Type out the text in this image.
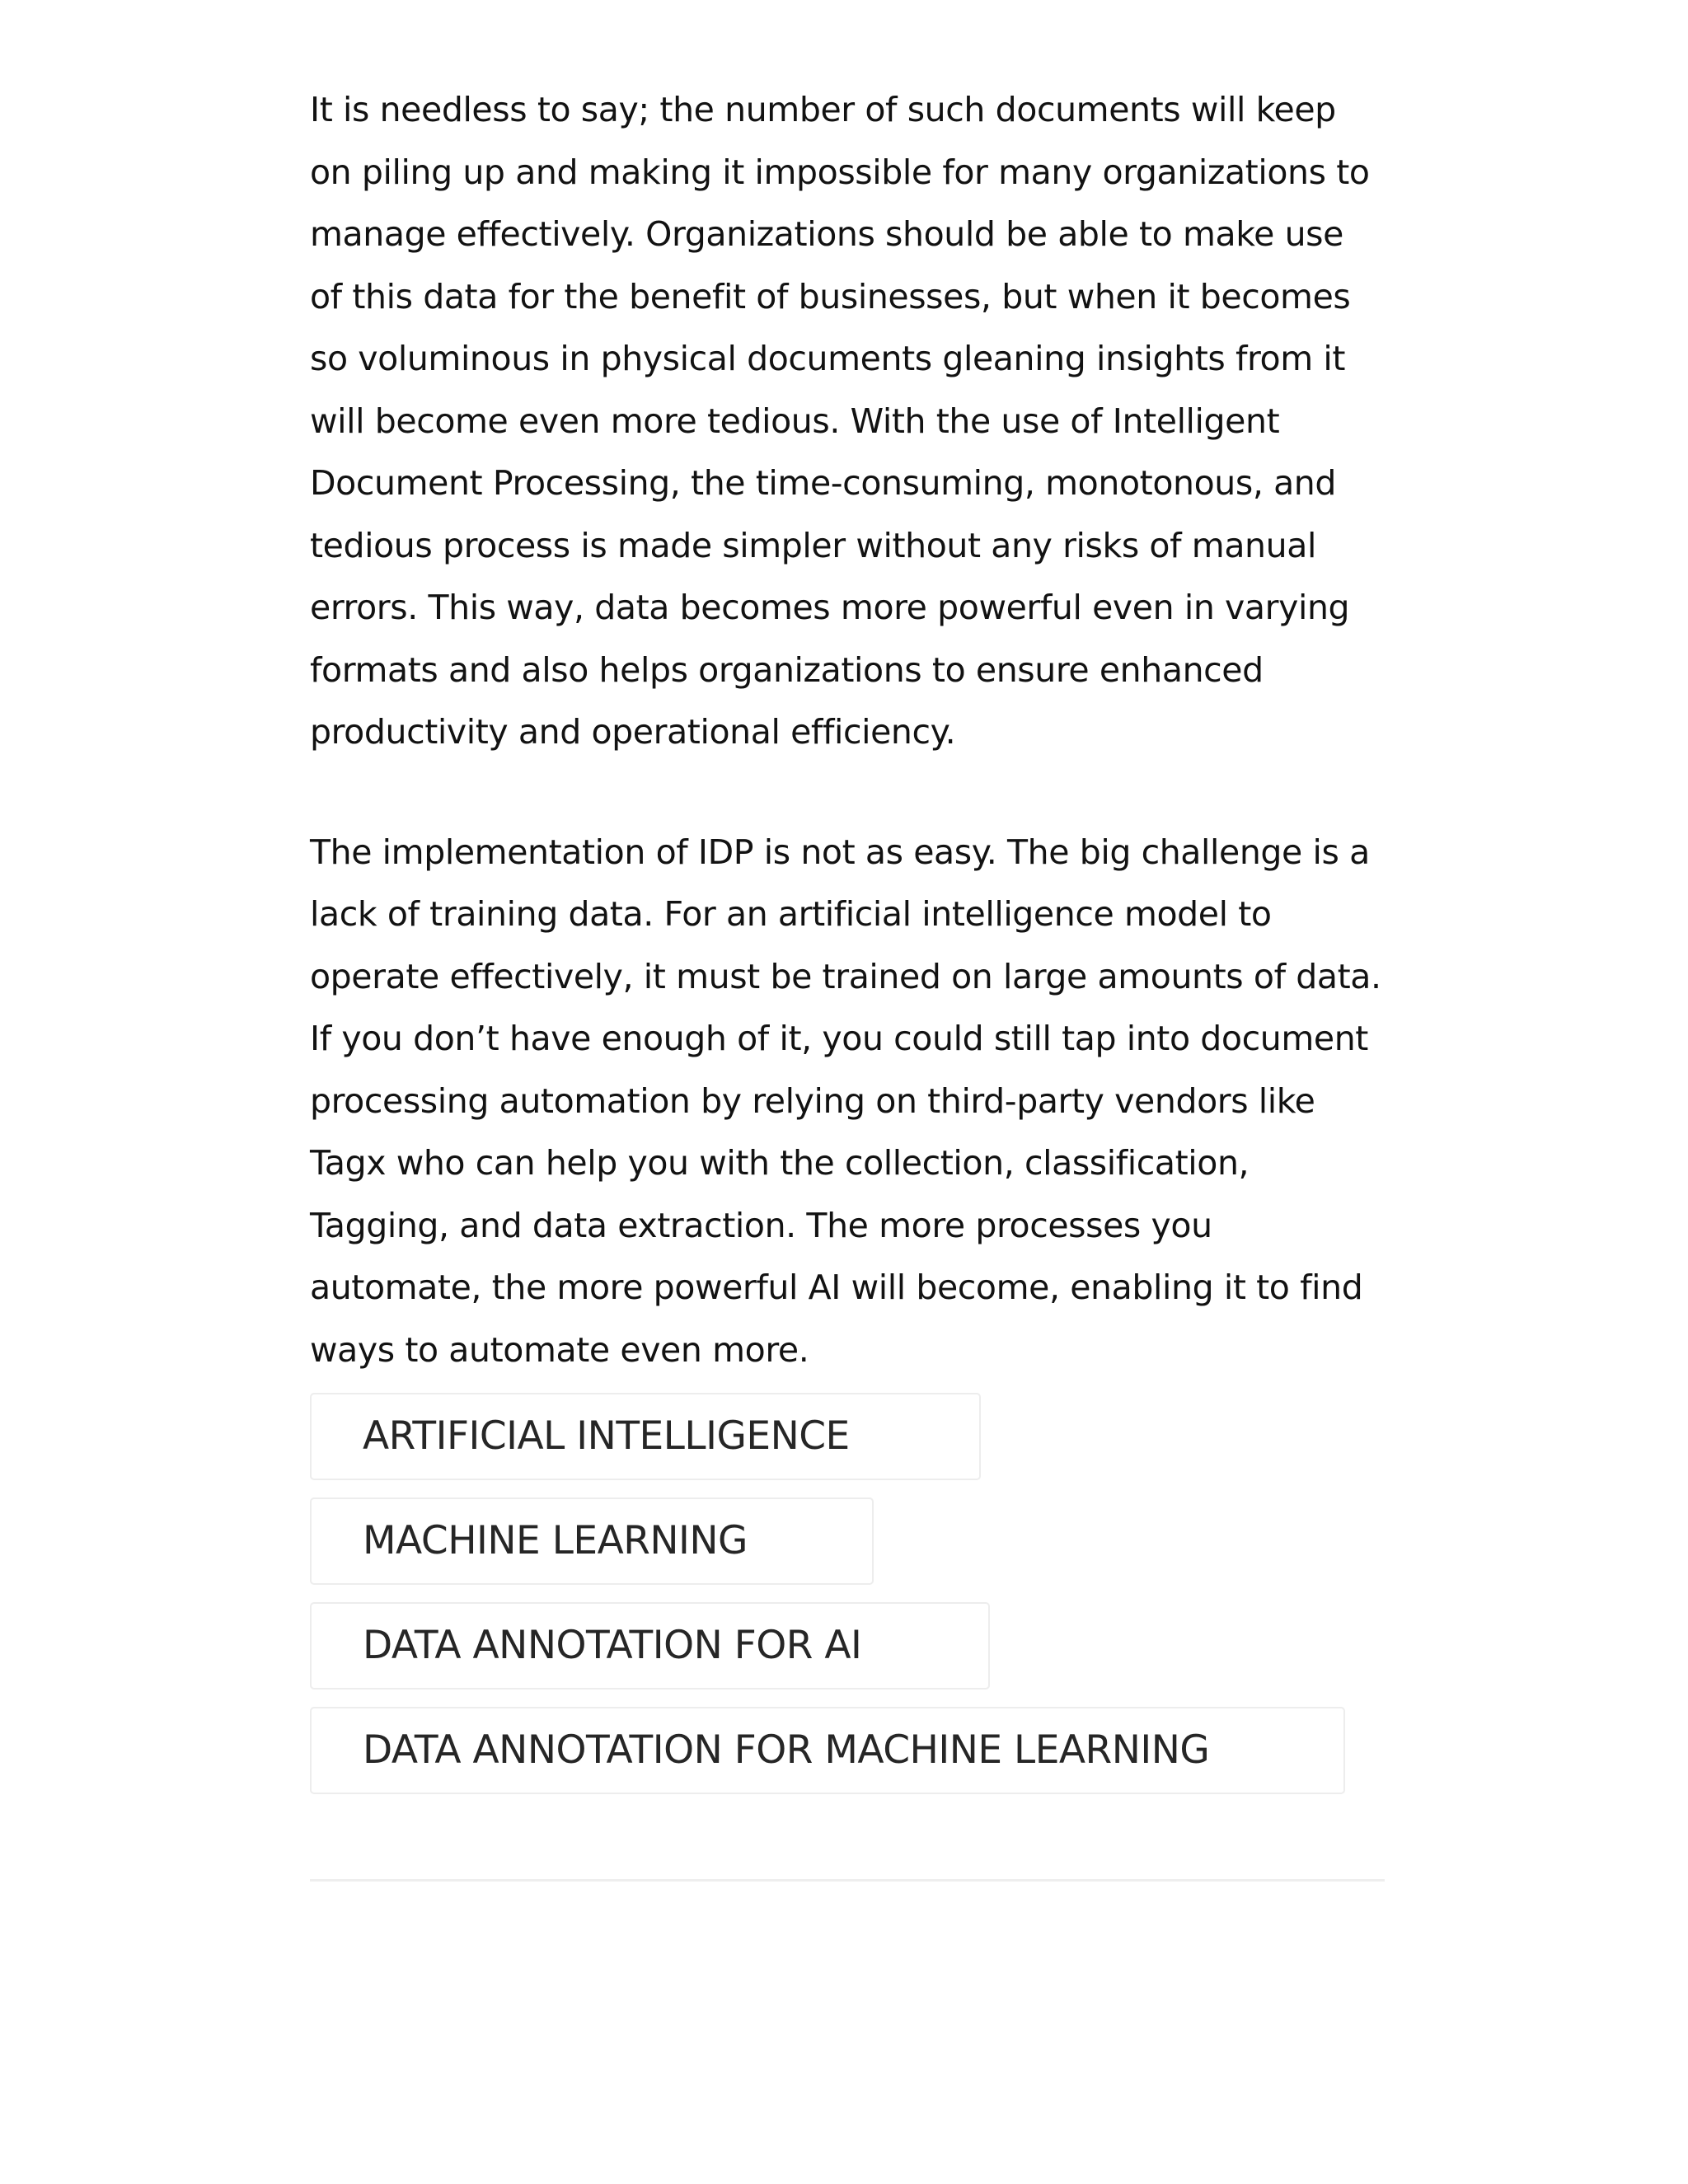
It is needless to say; the number of such documents will keep on piling up and making it impossible for many organizations to manage effectively. Organizations should be able to make use of this data for the benefit of businesses, but when it becomes so voluminous in physical documents gleaning insights from it will become even more tedious. With the use of Intelligent Document Processing, the time-consuming, monotonous, and tedious process is made simpler without any risks of manual errors. This way, data becomes more powerful even in varying formats and also helps organizations to ensure enhanced productivity and operational efficiency.

The implementation of IDP is not as easy. The big challenge is a lack of training data. For an artificial intelligence model to operate effectively, it must be trained on large amounts of data. If you don’t have enough of it, you could still tap into document processing automation by relying on third-party vendors like Tagx who can help you with the collection, classification, Tagging, and data extraction. The more processes you automate, the more powerful AI will become, enabling it to find ways to automate even more.

ARTIFICIAL INTELLIGENCE
MACHINE LEARNING
DATA ANNOTATION FOR AI
DATA ANNOTATION FOR MACHINE LEARNING
